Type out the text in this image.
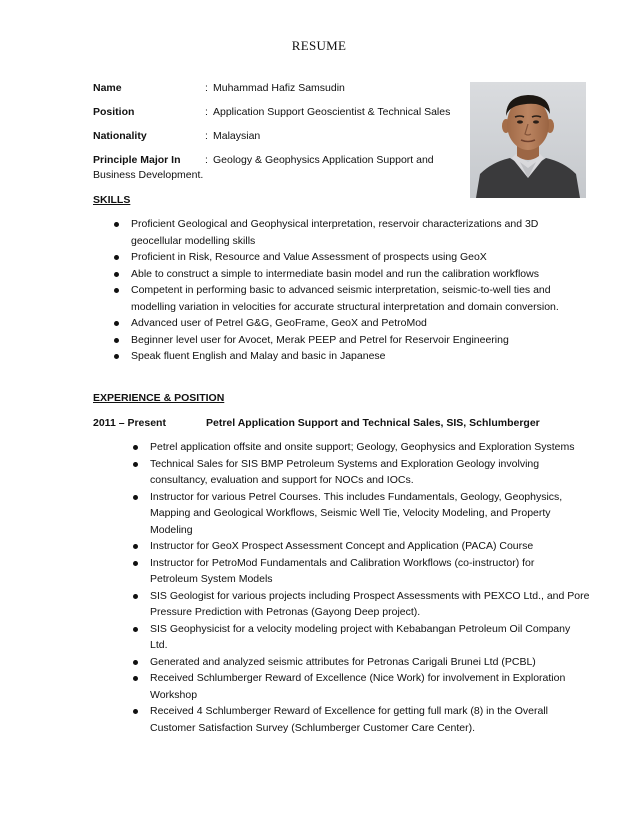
RESUME
Name	: Muhammad Hafiz Samsudin
Position	: Application Support Geoscientist & Technical Sales
Nationality	: Malaysian
Principle Major In : Geology & Geophysics Application Support and
Business Development.
SKILLS
Proficient Geological and Geophysical interpretation, reservoir characterizations and 3D
geocellular modelling skills
Proficient in Risk, Resource and Value Assessment of prospects using GeoX
Able to construct a simple to intermediate basin model and run the calibration workflows
Competent in performing basic to advanced seismic interpretation, seismic-to-well ties and
modelling variation in velocities for accurate structural interpretation and domain conversion.
Advanced user of Petrel G&G, GeoFrame, GeoX and PetroMod
Beginner level user for Avocet, Merak PEEP and Petrel for Reservoir Engineering
Speak fluent English and Malay and basic in Japanese
EXPERIENCE & POSITION
2011 – Present	Petrel Application Support and Technical Sales, SIS, Schlumberger
Petrel application offsite and onsite support; Geology, Geophysics and Exploration Systems
Technical Sales for SIS BMP Petroleum Systems and Exploration Geology involving
consultancy, evaluation and support for NOCs and IOCs.
Instructor for various Petrel Courses. This includes Fundamentals, Geology, Geophysics,
Mapping and Geological Workflows, Seismic Well Tie, Velocity Modeling, and Property
Modeling
Instructor for GeoX Prospect Assessment Concept and Application (PACA) Course
Instructor for PetroMod Fundamentals and Calibration Workflows (co-instructor) for
Petroleum System Models
SIS Geologist for various projects including Prospect Assessments with PEXCO Ltd., and Pore
Pressure Prediction with Petronas (Gayong Deep project).
SIS Geophysicist for a velocity modeling project with Kebabangan Petroleum Oil Company
Ltd.
Generated and analyzed seismic attributes for Petronas Carigali Brunei Ltd (PCBL)
Received Schlumberger Reward of Excellence (Nice Work) for involvement in Exploration
Workshop
Received 4 Schlumberger Reward of Excellence for getting full mark (8) in the Overall
Customer Satisfaction Survey (Schlumberger Customer Care Center).
